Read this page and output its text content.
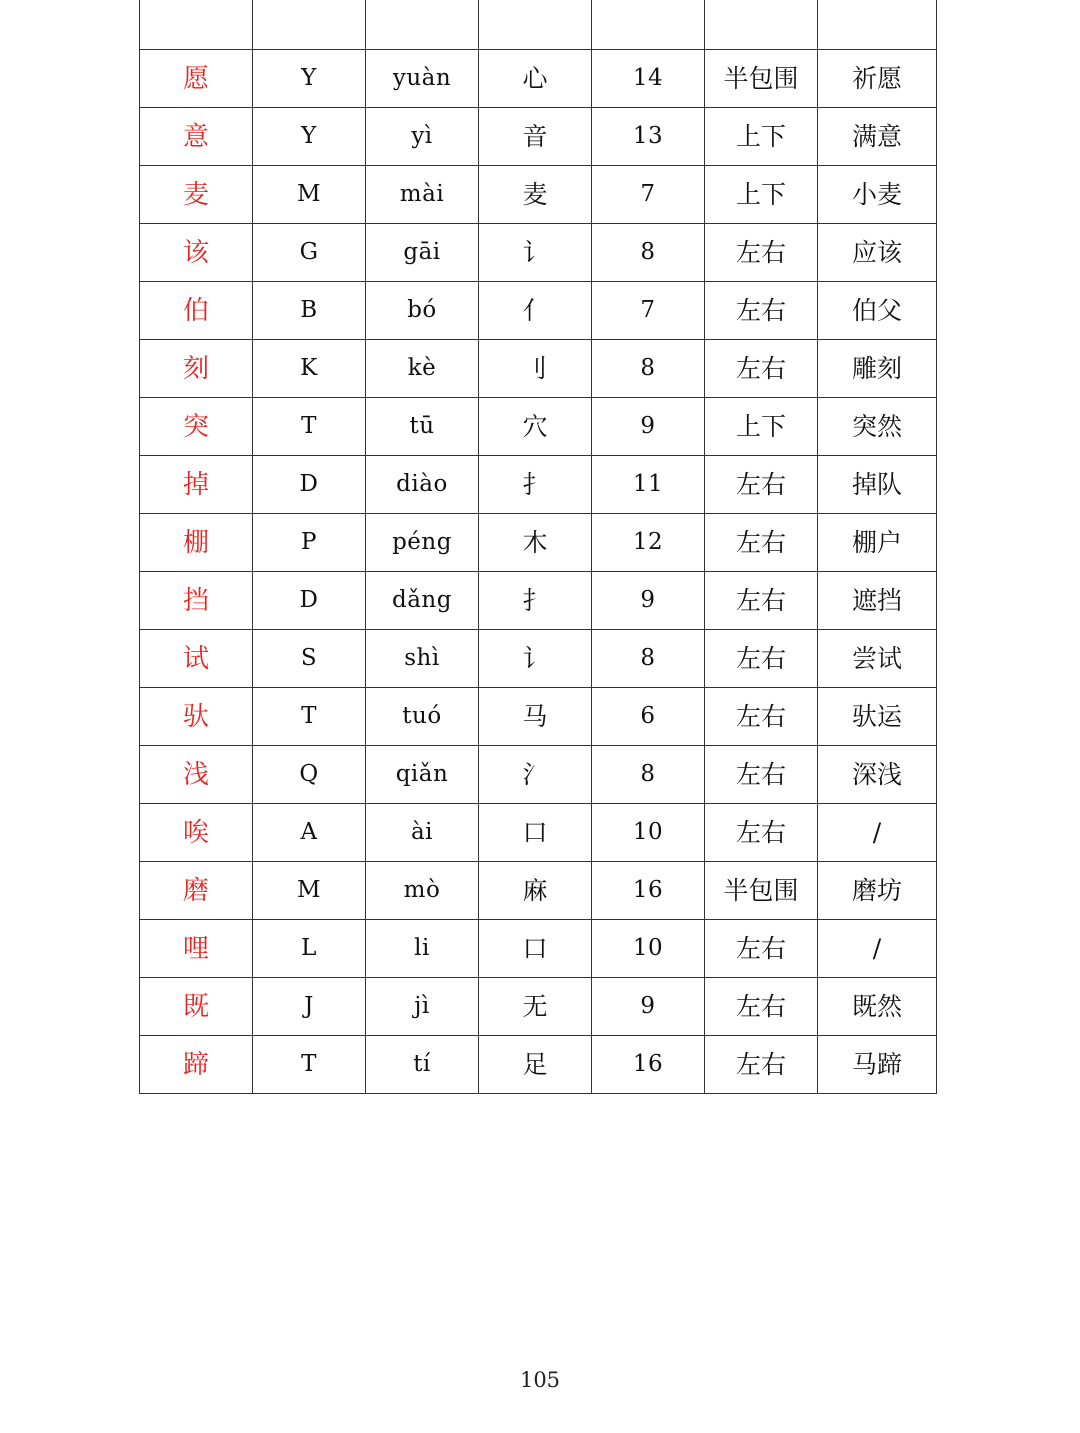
愿	Y	yuàn	心	14	半包围	祈愿
意	Y	yì	音	13	上下	满意
麦	M	mài	麦	7	上下	小麦
该	G	gāi	讠	8	左右	应该
伯	B	bó	亻	7	左右	伯父
刻	K	kè	刂	8	左右	雕刻
突	T	tū	穴	9	上下	突然
掉	D	diào	扌	11	左右	掉队
棚	P	péng	木	12	左右	棚户
挡	D	dǎng	扌	9	左右	遮挡
试	S	shì	讠	8	左右	尝试
驮	T	tuó	马	6	左右	驮运
浅	Q	qiǎn	氵	8	左右	深浅
唉	A	ài	口	10	左右	/
磨	M	mò	麻	16	半包围	磨坊
哩	L	li	口	10	左右	/
既	J	jì	无	9	左右	既然
蹄	T	tí	足	16	左右	马蹄
105
